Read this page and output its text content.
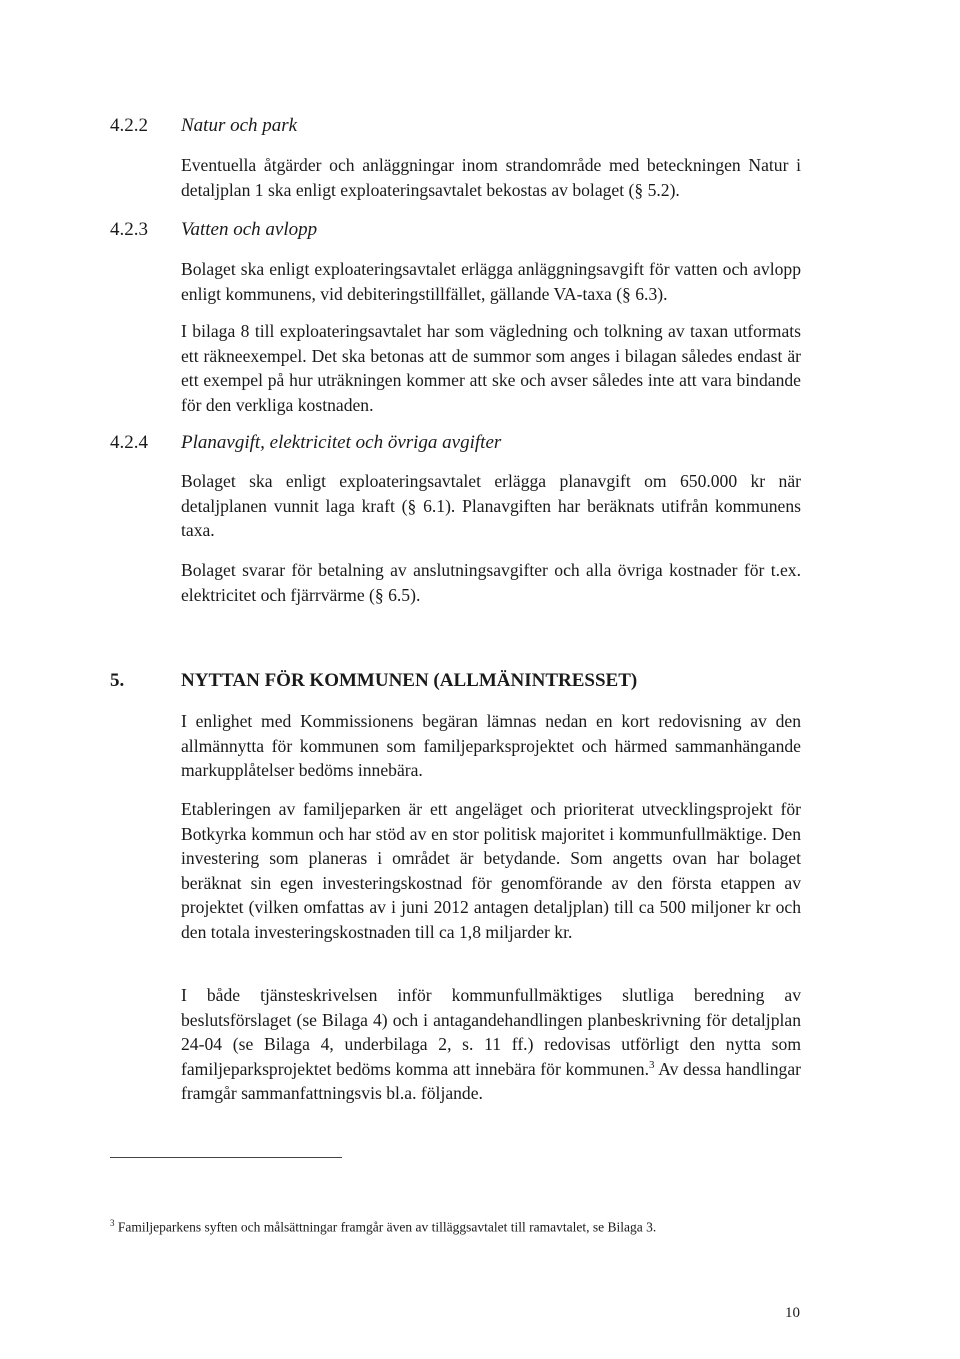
4.2.2 Natur och park

Eventuella åtgärder och anläggningar inom strandområde med beteckningen Natur i detaljplan 1 ska enligt exploateringsavtalet bekostas av bolaget (§ 5.2).

4.2.3 Vatten och avlopp

Bolaget ska enligt exploateringsavtalet erlägga anläggningsavgift för vatten och avlopp enligt kommunens, vid debiteringstillfället, gällande VA-taxa (§ 6.3).

I bilaga 8 till exploateringsavtalet har som vägledning och tolkning av taxan utformats ett räkneexempel. Det ska betonas att de summor som anges i bilagan således endast är ett exempel på hur uträkningen kommer att ske och avser således inte att vara bindande för den verkliga kostnaden.

4.2.4 Planavgift, elektricitet och övriga avgifter

Bolaget ska enligt exploateringsavtalet erlägga planavgift om 650.000 kr när detaljplanen vunnit laga kraft (§ 6.1). Planavgiften har beräknats utifrån kommunens taxa.

Bolaget svarar för betalning av anslutningsavgifter och alla övriga kostnader för t.ex. elektricitet och fjärrvärme (§ 6.5).

5.	NYTTAN FÖR KOMMUNEN (ALLMÄNINTRESSET)

I enlighet med Kommissionens begäran lämnas nedan en kort redovisning av den allmännytta för kommunen som familjeparksprojektet och härmed sammanhängande markupplåtelser bedöms innebära.

Etableringen av familjeparken är ett angeläget och prioriterat utvecklingsprojekt för Botkyrka kommun och har stöd av en stor politisk majoritet i kommunfullmäktige. Den investering som planeras i området är betydande. Som angetts ovan har bolaget beräknat sin egen investeringskostnad för genomförande av den första etappen av projektet (vilken omfattas av i juni 2012 antagen detaljplan) till ca 500 miljoner kr och den totala investeringskostnaden till ca 1,8 miljarder kr.

I både tjänsteskrivelsen inför kommunfullmäktiges slutliga beredning av beslutsförslaget (se Bilaga 4) och i antagandehandlingen planbeskrivning för detaljplan 24-04 (se Bilaga 4, underbilaga 2, s. 11 ff.) redovisas utförligt den nytta som familjeparksprojektet bedöms komma att innebära för kommunen.$^3$ Av dessa handlingar framgår sammanfattningsvis bl.a. följande.

$^3$ Familjeparkens syften och målsättningar framgår även av tilläggsavtalet till ramavtalet, se Bilaga 3.
10
